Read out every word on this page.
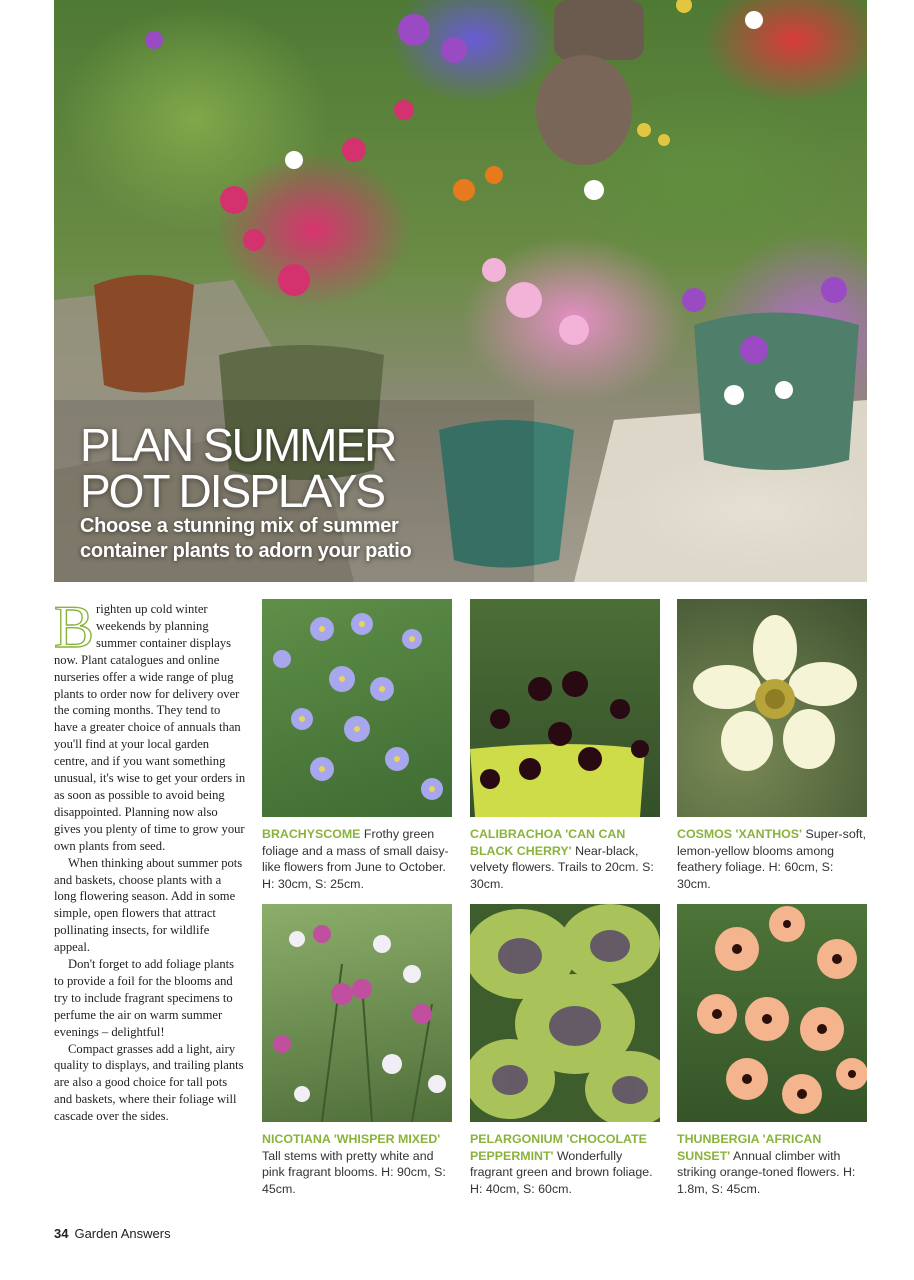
PLAN SUMMER
POT DISPLAYS
Choose a stunning mix of summer
container plants to adorn your patio

Brighten up cold winter weekends by planning summer container displays now. Plant catalogues and online nurseries offer a wide range of plug plants to order now for delivery over the coming months. They tend to have a greater choice of annuals than you'll find at your local garden centre, and if you want something unusual, it's wise to get your orders in as soon as possible to avoid being disappointed. Planning now also gives you plenty of time to grow your own plants from seed.

When thinking about summer pots and baskets, choose plants with a long flowering season. Add in some simple, open flowers that attract pollinating insects, for wildlife appeal.

Don't forget to add foliage plants to provide a foil for the blooms and try to include fragrant specimens to perfume the air on warm summer evenings – delightful!

Compact grasses add a light, airy quality to displays, and trailing plants are also a good choice for tall pots and baskets, where their foliage will cascade over the sides.

BRACHYSCOME Frothy green foliage and a mass of small daisy-like flowers from June to October. H: 30cm, S: 25cm.
CALIBRACHOA 'CAN CAN BLACK CHERRY' Near-black, velvety flowers. Trails to 20cm. S: 30cm.
COSMOS 'XANTHOS' Super-soft, lemon-yellow blooms among feathery foliage. H: 60cm, S: 30cm.
NICOTIANA 'WHISPER MIXED' Tall stems with pretty white and pink fragrant blooms. H: 90cm, S: 45cm.
PELARGONIUM 'CHOCOLATE PEPPERMINT' Wonderfully fragrant green and brown foliage. H: 40cm, S: 60cm.
THUNBERGIA 'AFRICAN SUNSET' Annual climber with striking orange-toned flowers. H: 1.8m, S: 45cm.
34 Garden Answers
